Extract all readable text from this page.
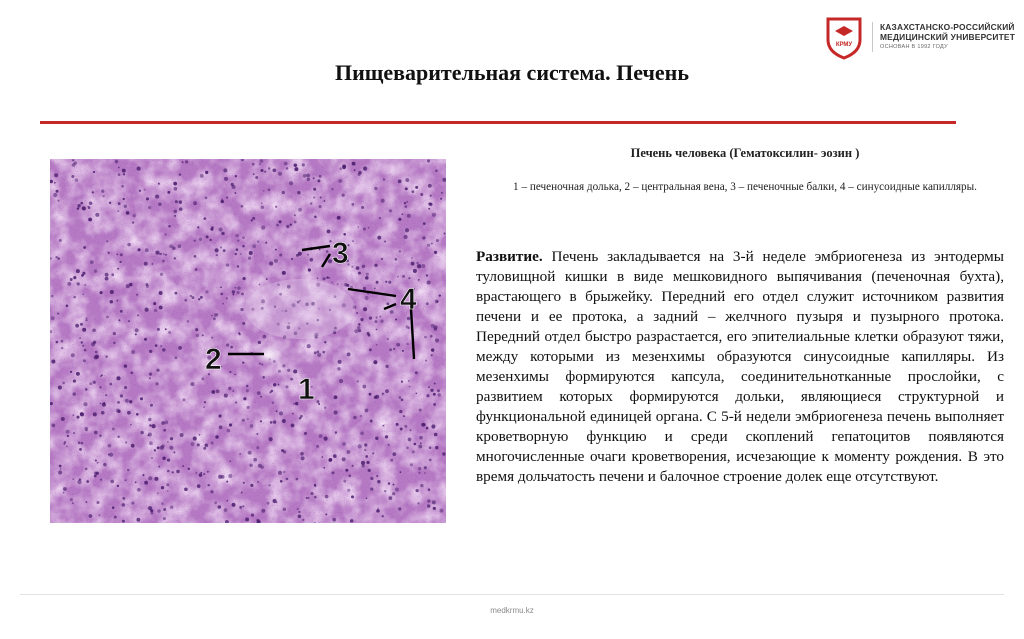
КРМУ
КАЗАХСТАНСКО-РОССИЙСКИЙ
МЕДИЦИНСКИЙ УНИВЕРСИТЕТ
ОСНОВАН В 1992 ГОДУ
Пищеварительная система. Печень
1
2
3
4
Печень человека (Гематоксилин- эозин )
1 – печеночная долька, 2 – центральная вена, 3 – печеночные балки, 4 – синусоидные капилляры.
Развитие. Печень закладывается на 3-й неделе эмбриогенеза из энтодермы туловищной кишки в виде мешковидного выпячивания (печеночная бухта), врастающего в брыжейку. Передний его отдел служит источником развития печени и ее протока, а задний – желчного пузыря и пузырного протока. Передний отдел быстро разрастается, его эпителиальные клетки образуют тяжи, между которыми из мезенхимы образуются синусоидные капилляры. Из мезенхимы формируются капсула, соединительнотканные прослойки, с развитием которых формируются дольки, являющиеся структурной и функциональной единицей органа. С 5-й недели эмбриогенеза печень выполняет кроветворную функцию и среди скоплений гепатоцитов появляются многочисленные очаги кроветворения, исчезающие к моменту рождения. В это время дольчатость печени и балочное строение долек еще отсутствуют.
medkrmu.kz
